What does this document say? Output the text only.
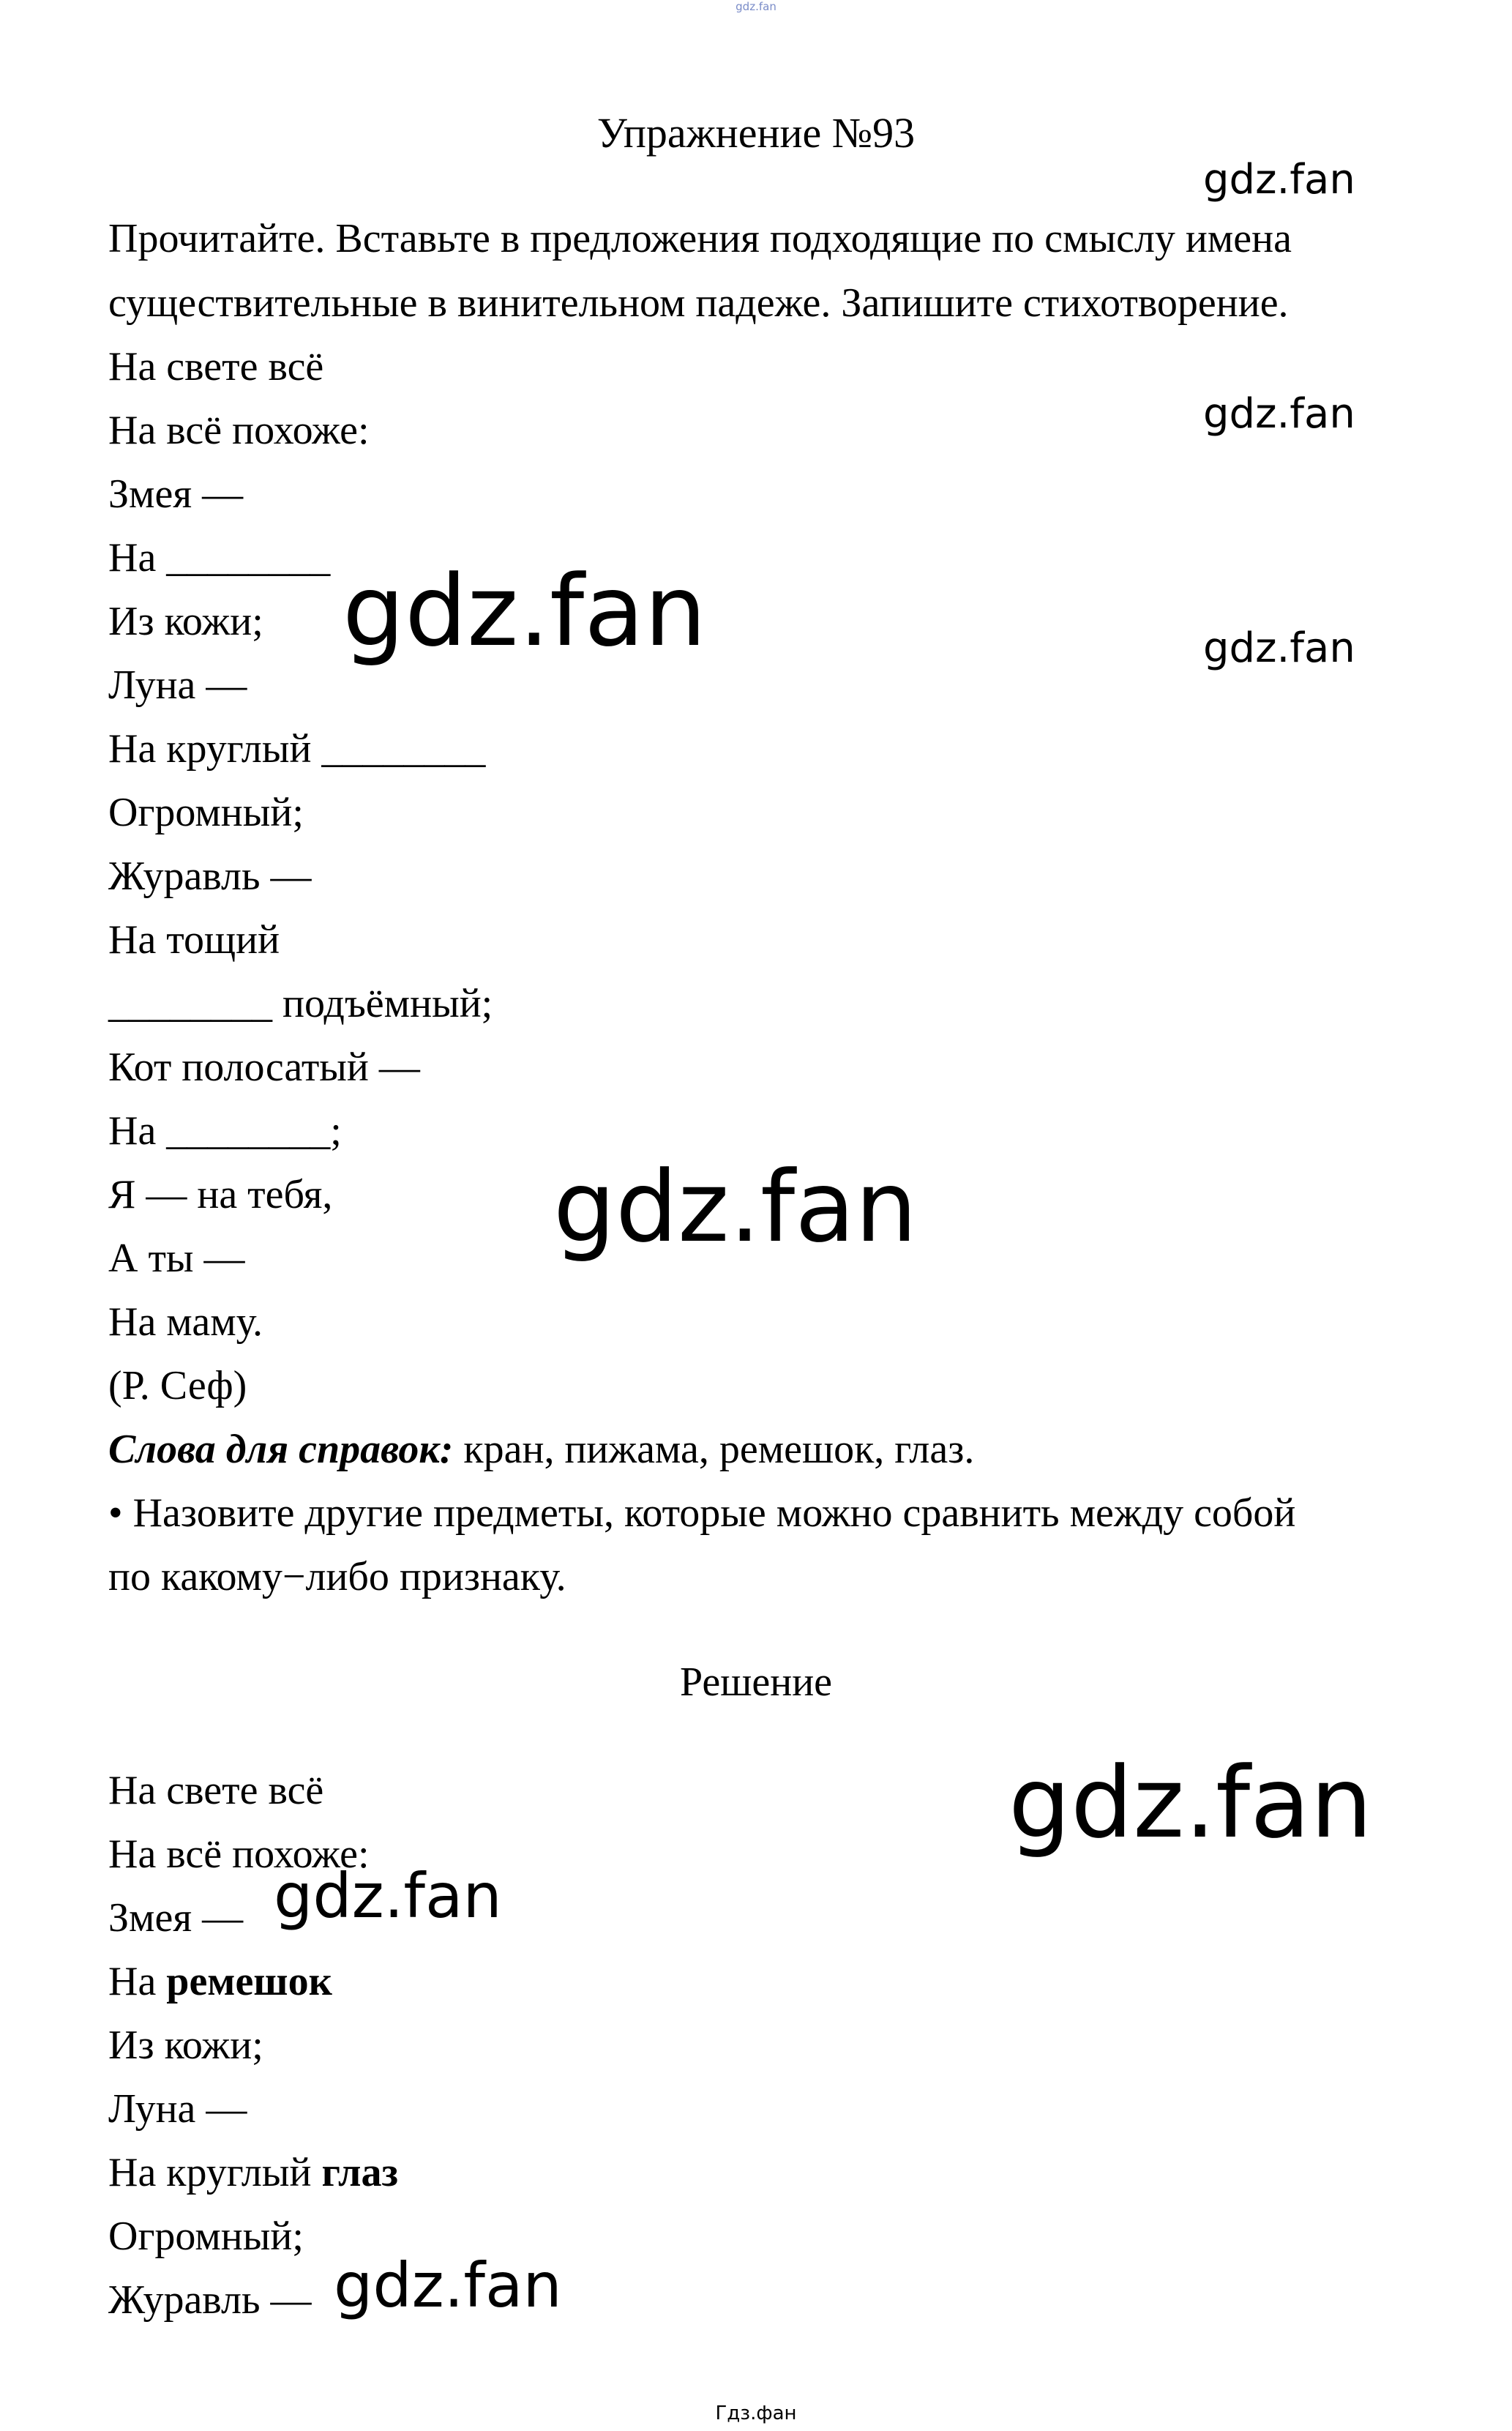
gdz.fan
Упражнение №93
Прочитайте. Вставьте в предложения подходящие по смыслу имена
существительные в винительном падеже. Запишите стихотворение.
На свете всё
На всё похоже:
Змея —
На ________
Из кожи;
Луна —
На круглый ________
Огромный;
Журавль —
На тощий
________ подъёмный;
Кот полосатый —
На ________;
Я — на тебя,
А ты —
На маму.
(Р. Сеф)
Слова для справок: кран, пижама, ремешок, глаз.
• Назовите другие предметы, которые можно сравнить между собой
по какому−либо признаку.
Решение
На свете всё
На всё похоже:
Змея —
На ремешок
Из кожи;
Луна —
На круглый глаз
Огромный;
Журавль —
gdz.fan
gdz.fan
gdz.fan
gdz.fan
gdz.fan
gdz.fan
gdz.fan
gdz.fan
Гдз.фан
